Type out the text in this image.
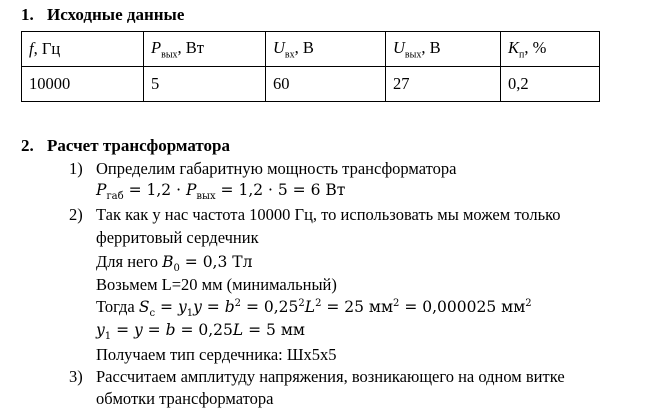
1. Исходные данные
f, Гц	$P_{вых}$, Вт	$U_{вх}$, В	$U_{вых}$, В	$K_п$, %
10000	5	60	27	0,2
2. Расчет трансформатора
1) Определим габаритную мощность трансформатора
$P_{габ} = 1,2 \cdot P_{вых} = 1,2 \cdot 5 = 6$ Вт
2) Так как у нас частота 10000 Гц, то использовать мы можем только
ферритовый сердечник
Для него $B_0 = 0,3$ Тл
Возьмем L=20 мм (минимальный)
Тогда $S_c = y_1y = b^2 = 0,25^2L^2 = 25$ $мм^2 = 0,000025$ $мм^2$
$y_1 = y = b = 0,25L = 5$ мм
Получаем тип сердечника: Шх5х5
3) Рассчитаем амплитуду напряжения, возникающего на одном витке
обмотки трансформатора
